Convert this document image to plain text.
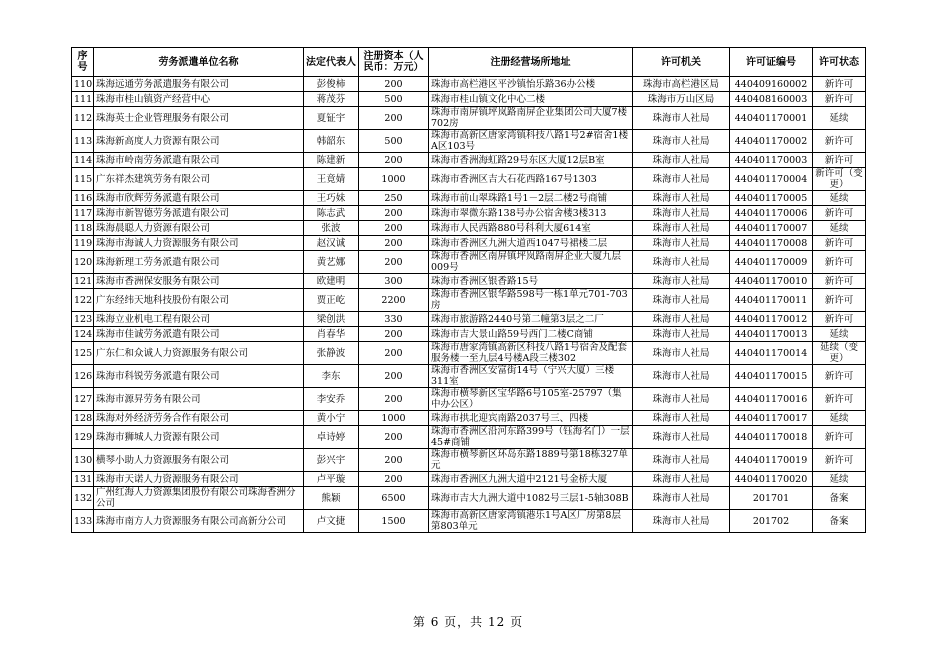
序号	劳务派遣单位名称	法定代表人	注册资本（人民币：万元）	注册经营场所地址	许可机关	许可证编号	许可状态
110	珠海远通劳务派遣服务有限公司	彭俊柿	200	珠海市高栏港区平沙镇怡乐路36办公楼	珠海市高栏港区局	440409160002	新许可
111	珠海市桂山镇资产经营中心	蒋茂芬	500	珠海市桂山镇文化中心二楼	珠海市万山区局	440408160003	新许可
112	珠海英士企业管理服务有限公司	夏钲宇	200	珠海市南屏镇坪岚路南屏企业集团公司大厦7楼702房	珠海市人社局	440401170001	延续
113	珠海新高度人力资源有限公司	韩韶东	500	珠海市高新区唐家湾镇科技八路1号2#宿舍1楼A区103号	珠海市人社局	440401170002	新许可
114	珠海市岭南劳务派遣有限公司	陈建新	200	珠海市香洲海虹路29号东区大厦12层B室	珠海市人社局	440401170003	新许可
115	广东祥杰建筑劳务有限公司	王竟婧	1000	珠海市香洲区吉大石花西路167号1303	珠海市人社局	440401170004	新许可（变更）
116	珠海市欣辉劳务派遣有限公司	王巧妹	250	珠海市前山翠珠路1号1－2层二楼2号商铺	珠海市人社局	440401170005	延续
117	珠海市新智德劳务派遣有限公司	陈志武	200	珠海市翠微东路138号办公宿舍楼3楼313	珠海市人社局	440401170006	新许可
118	珠海晨聪人力资源有限公司	张波	200	珠海市人民西路880号科利大厦614室	珠海市人社局	440401170007	延续
119	珠海市海诚人力资源服务有限公司	赵汉诚	200	珠海市香洲区九洲大道西1047号裙楼二层	珠海市人社局	440401170008	新许可
120	珠海新理工劳务派遣有限公司	黄艺娜	200	珠海市香洲区南屏镇坪岚路南屏企业大厦九层009号	珠海市人社局	440401170009	新许可
121	珠海市香洲保安服务有限公司	欧建明	300	珠海市香洲区银香路15号	珠海市人社局	440401170010	新许可
122	广东经纬天地科技股份有限公司	贾正屹	2200	珠海市香洲区银华路598号一栋1单元701-703房	珠海市人社局	440401170011	新许可
123	珠海立业机电工程有限公司	梁创洪	330	珠海市旅游路2440号第二幢第3层之二厂	珠海市人社局	440401170012	新许可
124	珠海市佳诚劳务派遣有限公司	肖春华	200	珠海市吉大景山路59号西门二楼C商铺	珠海市人社局	440401170013	延续
125	广东仁和众诚人力资源服务有限公司	张静波	200	珠海市唐家湾镇高新区科技八路1号宿舍及配套服务楼一至九层4号楼A段三楼302	珠海市人社局	440401170014	延续（变更）
126	珠海市科锐劳务派遣有限公司	李东	200	珠海市香洲区安富街14号（宁兴大厦）三楼311室	珠海市人社局	440401170015	新许可
127	珠海市源昇劳务有限公司	李安乔	200	珠海市横琴新区宝华路6号105室-25797（集中办公区）	珠海市人社局	440401170016	新许可
128	珠海对外经济劳务合作有限公司	黄小宁	1000	珠海市拱北迎宾南路2037号三、四楼	珠海市人社局	440401170017	延续
129	珠海市狮城人力资源有限公司	卓诗婷	200	珠海市香洲区沿河东路399号（钰海名门）一层45#商铺	珠海市人社局	440401170018	新许可
130	横琴小助人力资源服务有限公司	彭兴宇	200	珠海市横琴新区环岛东路1889号第18栋327单元	珠海市人社局	440401170019	新许可
131	珠海市天诺人力资源服务有限公司	卢平璇	200	珠海市香洲区九洲大道中2121号金桥大厦	珠海市人社局	440401170020	延续
132	广州红海人力资源集团股份有限公司珠海香洲分公司	熊颖	6500	珠海市吉大九洲大道中1082号三层1-5轴308B	珠海市人社局	201701	备案
133	珠海市南方人力资源服务有限公司高新分公司	卢文捷	1500	珠海市高新区唐家湾镇港乐1号A区厂房第8层第803单元	珠海市人社局	201702	备案
第 6 页，共 12 页
